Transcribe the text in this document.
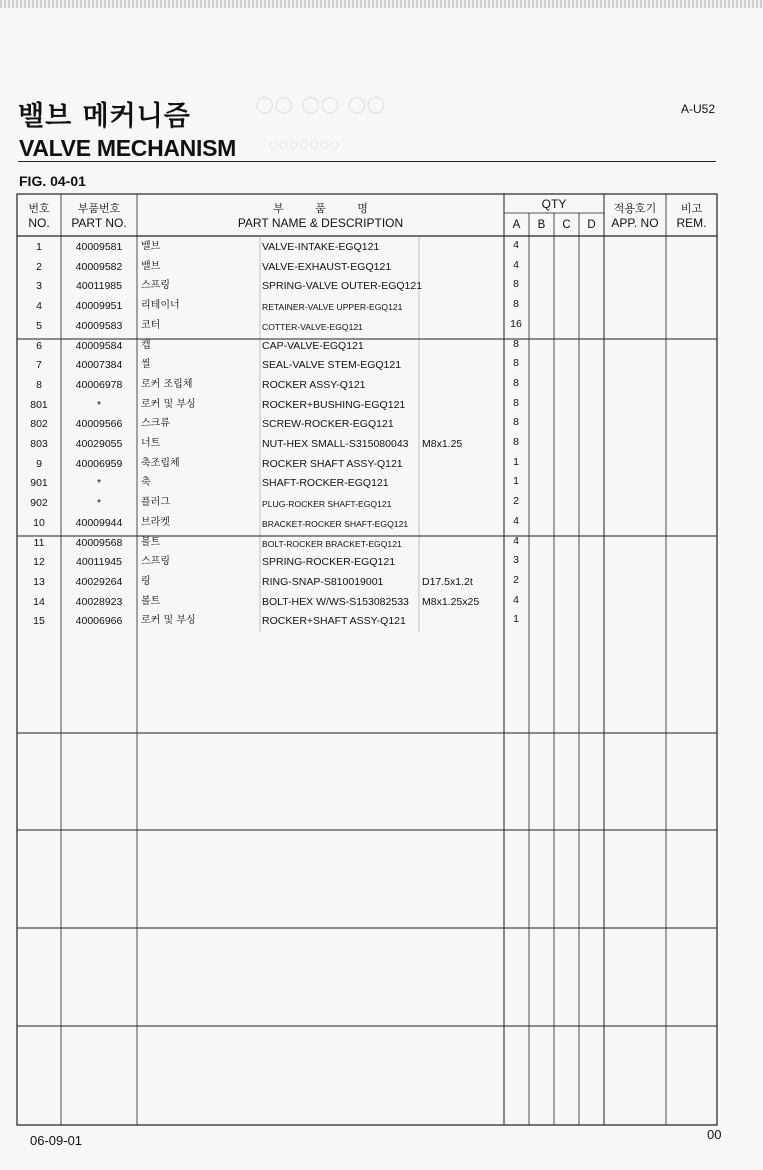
○○ ○○ ○○
○○○○○○○
밸브 메커니즘
VALVE MECHANISM
A-U52
FIG. 04-01
번호
NO.
부품번호
PART NO.
부 품 명
PART NAME & DESCRIPTION
QTY
A	B	C	D
적용호기
APP. NO
비고
REM.
1	40009581	밸브	VALVE-INTAKE-EGQ121	4
2	40009582	밸브	VALVE-EXHAUST-EGQ121	4
3	40011985	스프링	SPRING-VALVE OUTER-EGQ121	8
4	40009951	리테이너	RETAINER-VALVE UPPER-EGQ121	8
5	40009583	코터	COTTER-VALVE-EGQ121	16
6	40009584	캡	CAP-VALVE-EGQ121	8
7	40007384	씰	SEAL-VALVE STEM-EGQ121	8
8	40006978	로커 조립체	ROCKER ASSY-Q121	8
801	*	로커 및 부싱	ROCKER+BUSHING-EGQ121	8
802	40009566	스크류	SCREW-ROCKER-EGQ121	8
803	40029055	너트	NUT-HEX SMALL-S315080043 M8x1.25	8
9	40006959	축조립체	ROCKER SHAFT ASSY-Q121	1
901	*	축	SHAFT-ROCKER-EGQ121	1
902	*	플러그	PLUG-ROCKER SHAFT-EGQ121	2
10	40009944	브라켓	BRACKET-ROCKER SHAFT-EGQ121	4
11	40009568	볼트	BOLT-ROCKER BRACKET-EGQ121	4
12	40011945	스프링	SPRING-ROCKER-EGQ121	3
13	40029264	링	RING-SNAP-S810019001	D17.5x1.2t	2
14	40028923	볼트	BOLT-HEX W/WS-S153082533 M8x1.25x25	4
15	40006966	로커 및 부싱	ROCKER+SHAFT ASSY-Q121	1
06-09-01	00
